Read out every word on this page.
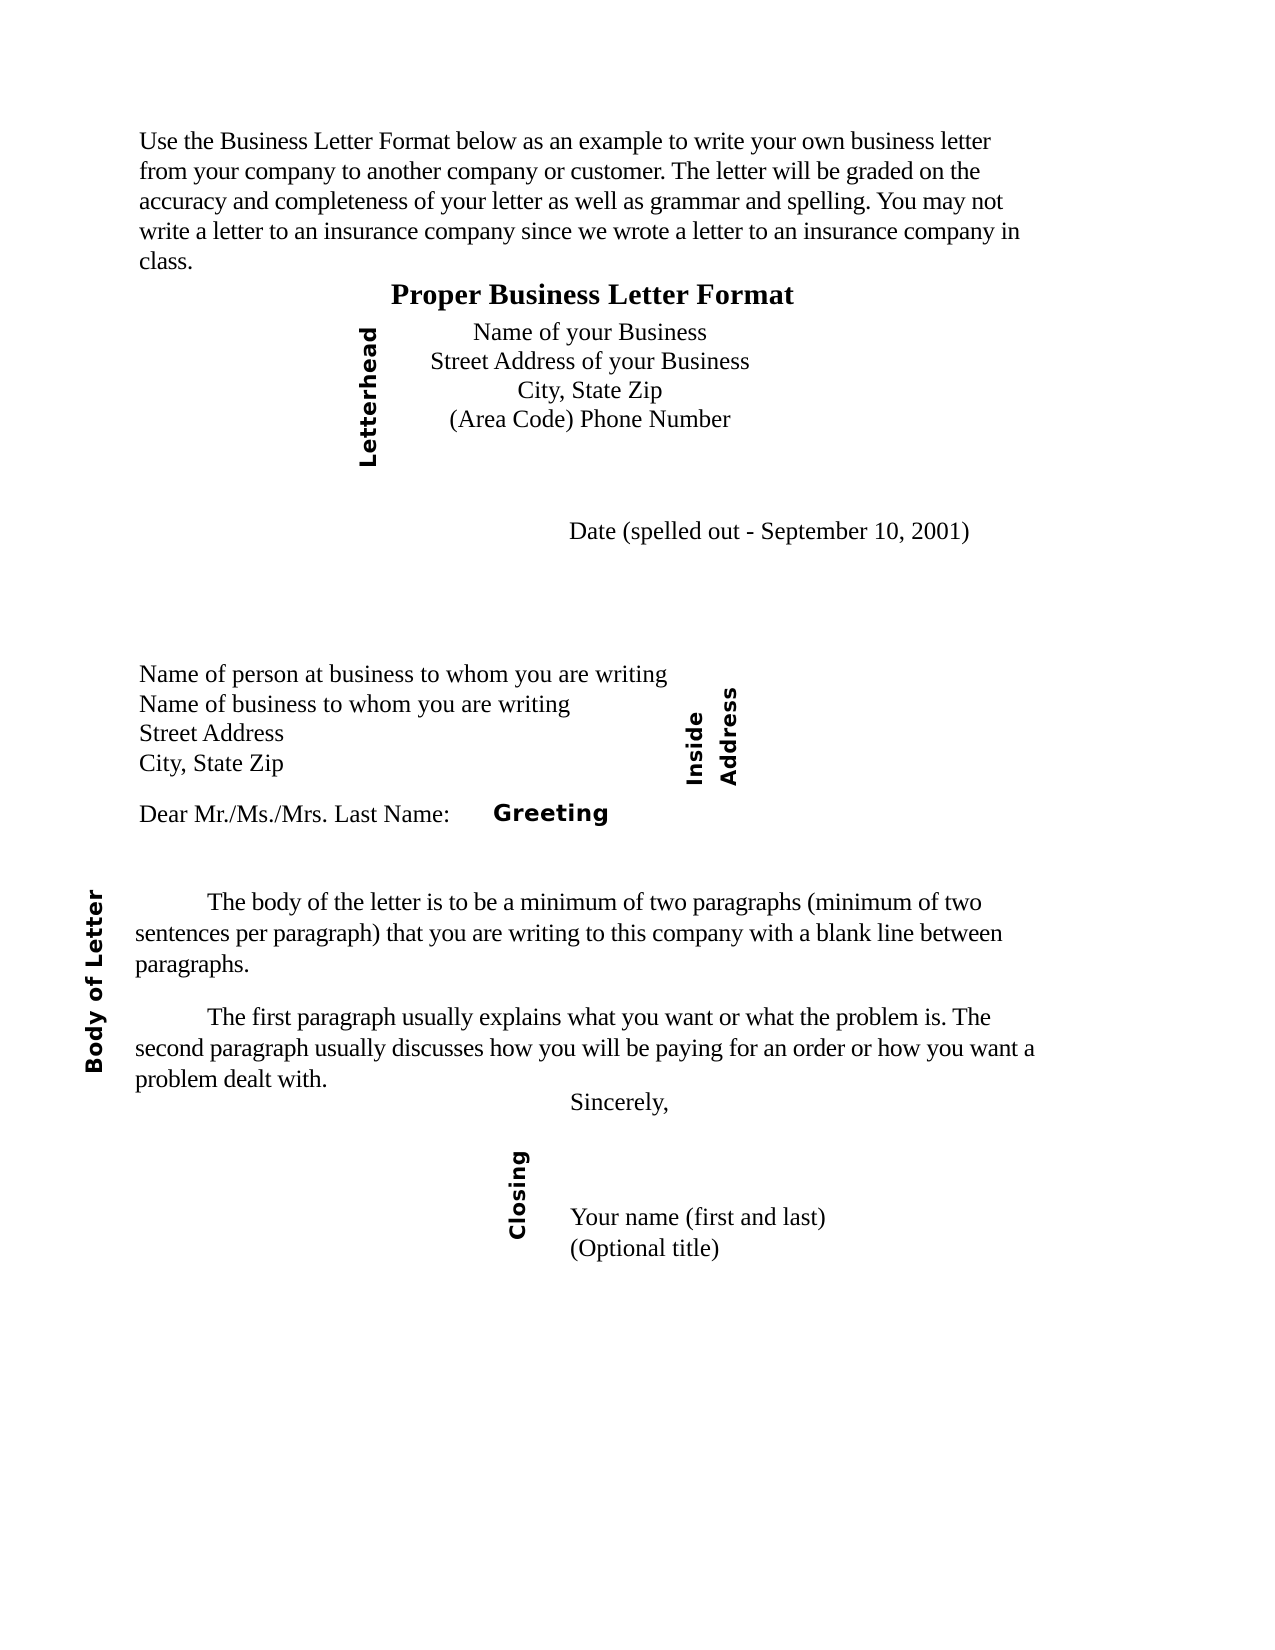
Use the Business Letter Format below as an example to write your own business letter from your company to another company or customer. The letter will be graded on the accuracy and completeness of your letter as well as grammar and spelling. You may not write a letter to an insurance company since we wrote a letter to an insurance company in class.

Proper Business Letter Format
Letterhead	Name of your Business
Street Address of your Business
City, State Zip
(Area Code) Phone Number
Date (spelled out - September 10, 2001)
Name of person at business to whom you are writing
Name of business to whom you are writing
Street Address
City, State Zip	Inside Address
Dear Mr./Ms./Mrs. Last Name: Greeting
Body of Letter	The body of the letter is to be a minimum of two paragraphs (minimum of two sentences per paragraph) that you are writing to this company with a blank line between paragraphs.

The first paragraph usually explains what you want or what the problem is. The second paragraph usually discusses how you will be paying for an order or how you want a problem dealt with.

Sincerely,
Closing Your name (first and last)
(Optional title)
